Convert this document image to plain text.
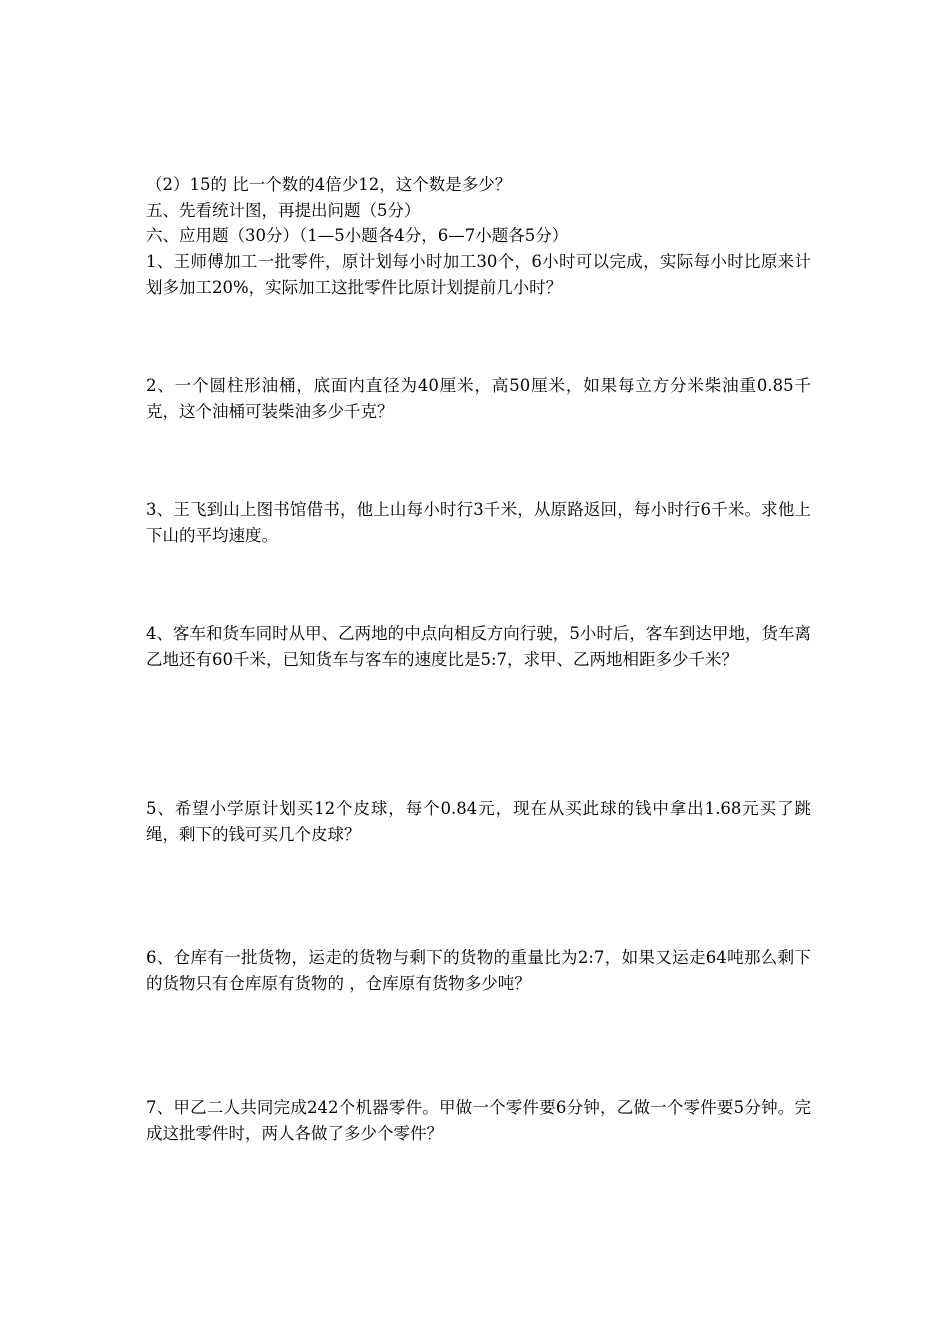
（2）15的 比一个数的4倍少12，这个数是多少？
五、先看统计图，再提出问题（5分）
六、应用题（30分）（1—5小题各4分，6—7小题各5分）
1、王师傅加工一批零件，原计划每小时加工30个，6小时可以完成，实际每小时比原来计划多加工20%，实际加工这批零件比原计划提前几小时？
2、一个圆柱形油桶，底面内直径为40厘米，高50厘米，如果每立方分米柴油重0.85千克，这个油桶可装柴油多少千克？
3、王飞到山上图书馆借书，他上山每小时行3千米，从原路返回，每小时行6千米。求他上下山的平均速度。
4、客车和货车同时从甲、乙两地的中点向相反方向行驶，5小时后，客车到达甲地，货车离乙地还有60千米，已知货车与客车的速度比是5:7，求甲、乙两地相距多少千米？
5、希望小学原计划买12个皮球，每个0.84元，现在从买此球的钱中拿出1.68元买了跳绳，剩下的钱可买几个皮球？
6、仓库有一批货物，运走的货物与剩下的货物的重量比为2:7，如果又运走64吨那么剩下的货物只有仓库原有货物的 ，仓库原有货物多少吨？
7、甲乙二人共同完成242个机器零件。甲做一个零件要6分钟，乙做一个零件要5分钟。完成这批零件时，两人各做了多少个零件？
